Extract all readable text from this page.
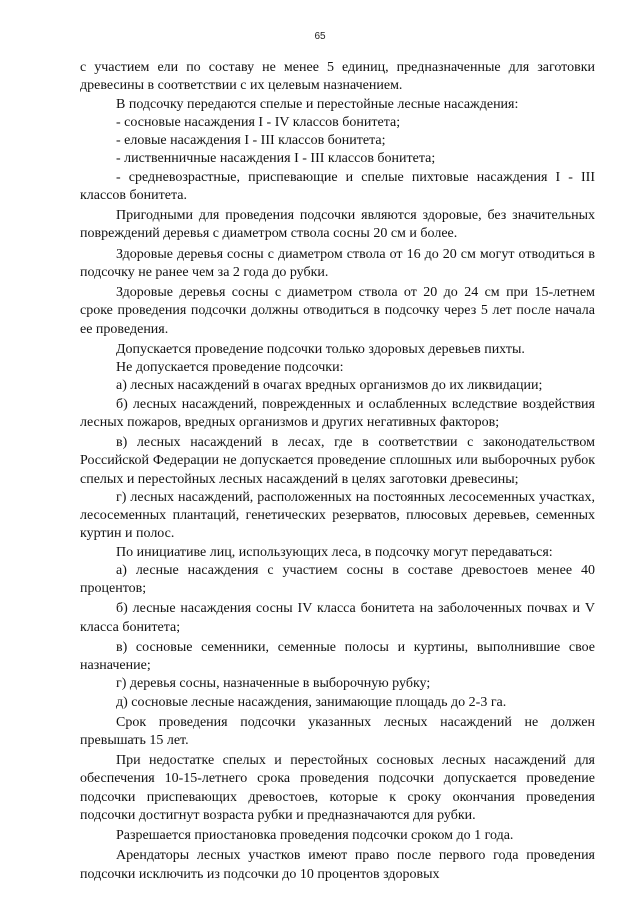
65

с участием ели по составу не менее 5 единиц, предназначенные для заготовки древесины в соответствии с их целевым назначением.

В подсочку передаются спелые и перестойные лесные насаждения:

- сосновые насаждения I - IV классов бонитета;

- еловые насаждения I - III классов бонитета;

- лиственничные насаждения I - III классов бонитета;

- средневозрастные, приспевающие и спелые пихтовые насаждения I - III классов бонитета.

Пригодными для проведения подсочки являются здоровые, без значительных повреждений деревья с диаметром ствола сосны 20 см и более.

Здоровые деревья сосны с диаметром ствола от 16 до 20 см могут отводиться в подсочку не ранее чем за 2 года до рубки.

Здоровые деревья сосны с диаметром ствола от 20 до 24 см при 15-летнем сроке проведения подсочки должны отводиться в подсочку через 5 лет после начала ее проведения.

Допускается проведение подсочки только здоровых деревьев пихты.

Не допускается проведение подсочки:

а) лесных насаждений в очагах вредных организмов до их ликвидации;

б) лесных насаждений, поврежденных и ослабленных вследствие воздействия лесных пожаров, вредных организмов и других негативных факторов;

в) лесных насаждений в лесах, где в соответствии с законодательством Российской Федерации не допускается проведение сплошных или выборочных рубок спелых и перестойных лесных насаждений в целях заготовки древесины;

г) лесных насаждений, расположенных на постоянных лесосеменных участках, лесосеменных плантаций, генетических резерватов, плюсовых деревьев, семенных куртин и полос.

По инициативе лиц, использующих леса, в подсочку могут передаваться:

а) лесные насаждения с участием сосны в составе древостоев менее 40 процентов;

б) лесные насаждения сосны IV класса бонитета на заболоченных почвах и V класса бонитета;

в) сосновые семенники, семенные полосы и куртины, выполнившие свое назначение;

г) деревья сосны, назначенные в выборочную рубку;

д) сосновые лесные насаждения, занимающие площадь до 2-3 га.

Срок проведения подсочки указанных лесных насаждений не должен превышать 15 лет.

При недостатке спелых и перестойных сосновых лесных насаждений для обеспечения 10-15-летнего срока проведения подсочки допускается проведение подсочки приспевающих древостоев, которые к сроку окончания проведения подсочки достигнут возраста рубки и предназначаются для рубки.

Разрешается приостановка проведения подсочки сроком до 1 года.

Арендаторы лесных участков имеют право после первого года проведения подсочки исключить из подсочки до 10 процентов здоровых
